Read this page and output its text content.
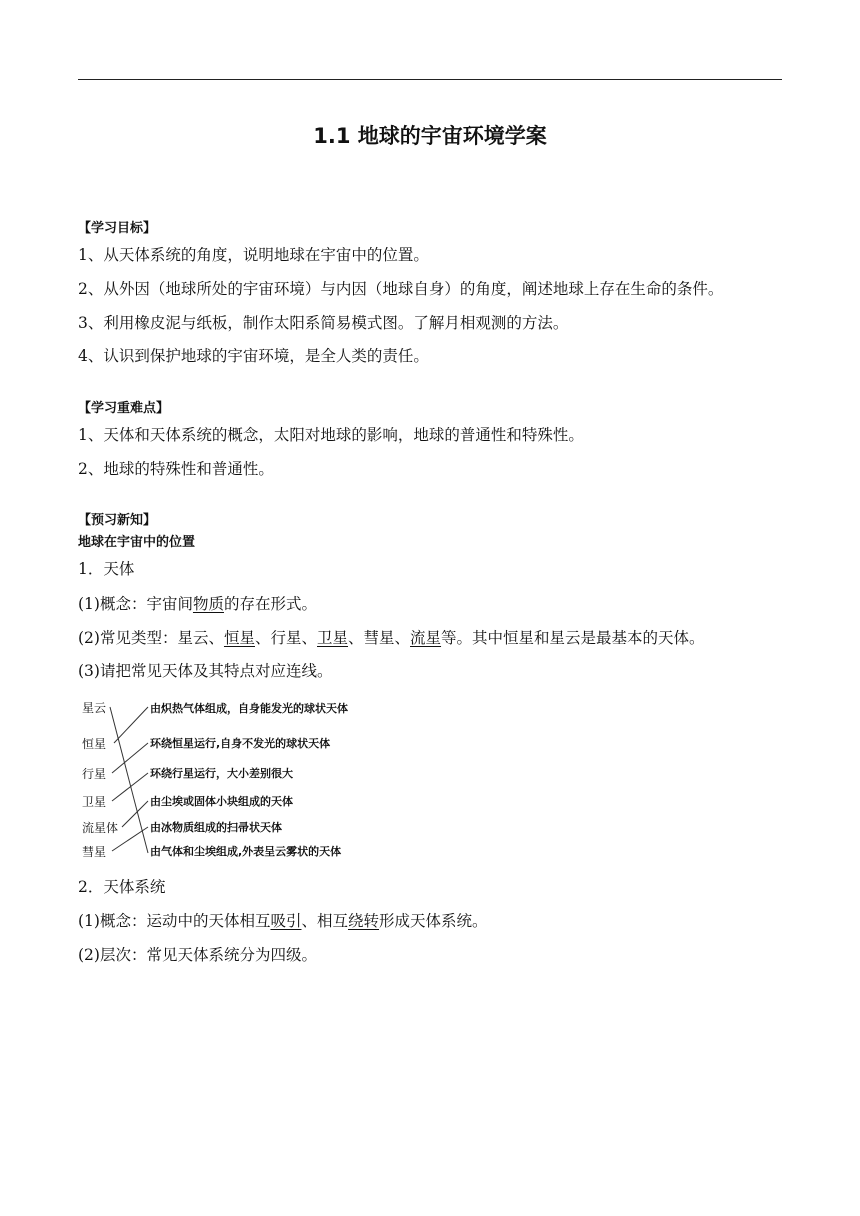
1.1 地球的宇宙环境学案
【学习目标】
1、从天体系统的角度，说明地球在宇宙中的位置。
2、从外因（地球所处的宇宙环境）与内因（地球自身）的角度，阐述地球上存在生命的条件。
3、利用橡皮泥与纸板，制作太阳系简易模式图。了解月相观测的方法。
4、认识到保护地球的宇宙环境，是全人类的责任。
【学习重难点】
1、天体和天体系统的概念，太阳对地球的影响，地球的普通性和特殊性。
2、地球的特殊性和普通性。
【预习新知】
地球在宇宙中的位置
1．天体
(1)概念：宇宙间物质的存在形式。
(2)常见类型：星云、恒星、行星、卫星、彗星、流星等。其中恒星和星云是最基本的天体。
(3)请把常见天体及其特点对应连线。
星云
恒星
行星
卫星
流星体
彗星
由炽热气体组成，自身能发光的球状天体
环绕恒星运行,自身不发光的球状天体
环绕行星运行，大小差别很大
由尘埃或固体小块组成的天体
由冰物质组成的扫帚状天体
由气体和尘埃组成,外表呈云雾状的天体
2．天体系统
(1)概念：运动中的天体相互吸引、相互绕转形成天体系统。
(2)层次：常见天体系统分为四级。
